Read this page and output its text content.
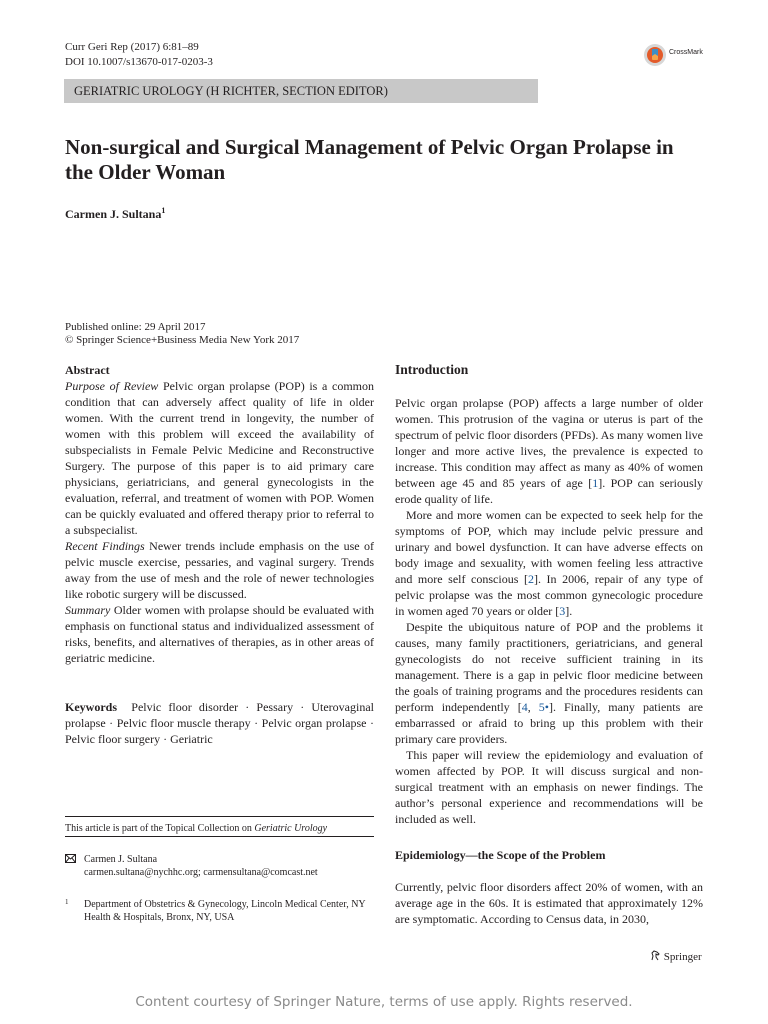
Curr Geri Rep (2017) 6:81–89
DOI 10.1007/s13670-017-0203-3
CrossMark
GERIATRIC UROLOGY (H RICHTER, SECTION EDITOR)
Non-surgical and Surgical Management of Pelvic Organ Prolapse in the Older Woman
Carmen J. Sultana$^1$
Published online: 29 April 2017
© Springer Science+Business Media New York 2017
Abstract

Purpose of Review Pelvic organ prolapse (POP) is a common condition that can adversely affect quality of life in older women. With the current trend in longevity, the number of women with this problem will exceed the availability of subspecialists in Female Pelvic Medicine and Reconstructive Surgery. The purpose of this paper is to aid primary care physicians, geriatricians, and general gynecologists in the evaluation, referral, and treatment of women with POP. Women can be quickly evaluated and offered therapy prior to referral to a subspecialist.

Recent Findings Newer trends include emphasis on the use of pelvic muscle exercise, pessaries, and vaginal surgery. Trends away from the use of mesh and the role of newer technologies like robotic surgery will be discussed.

Summary Older women with prolapse should be evaluated with emphasis on functional status and individualized assessment of risks, benefits, and alternatives of therapies, as in other areas of geriatric medicine.

Keywords Pelvic floor disorder · Pessary · Uterovaginal prolapse · Pelvic floor muscle therapy · Pelvic organ prolapse · Pelvic floor surgery · Geriatric
This article is part of the Topical Collection on Geriatric Urology
Carmen J. Sultana
carmen.sultana@nychhc.org; carmensultana@comcast.net
1	Department of Obstetrics & Gynecology, Lincoln Medical Center, NY Health & Hospitals, Bronx, NY, USA
Introduction

Pelvic organ prolapse (POP) affects a large number of older women. This protrusion of the vagina or uterus is part of the spectrum of pelvic floor disorders (PFDs). As many women live longer and more active lives, the prevalence is expected to increase. This condition may affect as many as 40% of women between age 45 and 85 years of age [1]. POP can seriously erode quality of life.

More and more women can be expected to seek help for the symptoms of POP, which may include pelvic pressure and urinary and bowel dysfunction. It can have adverse effects on body image and sexuality, with women feeling less attractive and more self conscious [2]. In 2006, repair of any type of pelvic prolapse was the most common gynecologic procedure in women aged 70 years or older [3].

Despite the ubiquitous nature of POP and the problems it causes, many family practitioners, geriatricians, and general gynecologists do not receive sufficient training in its management. There is a gap in pelvic floor medicine between the goals of training programs and the procedures residents can perform independently [4, 5•]. Finally, many patients are embarrassed or afraid to bring up this problem with their primary care providers.

This paper will review the epidemiology and evaluation of women affected by POP. It will discuss surgical and non-surgical treatment with an emphasis on newer findings. The author’s personal experience and recommendations will be included as well.

Epidemiology—the Scope of the Problem

Currently, pelvic floor disorders affect 20% of women, with an average age in the 60s. It is estimated that approximately 12% are symptomatic. According to Census data, in 2030,

Springer
Content courtesy of Springer Nature, terms of use apply. Rights reserved.
